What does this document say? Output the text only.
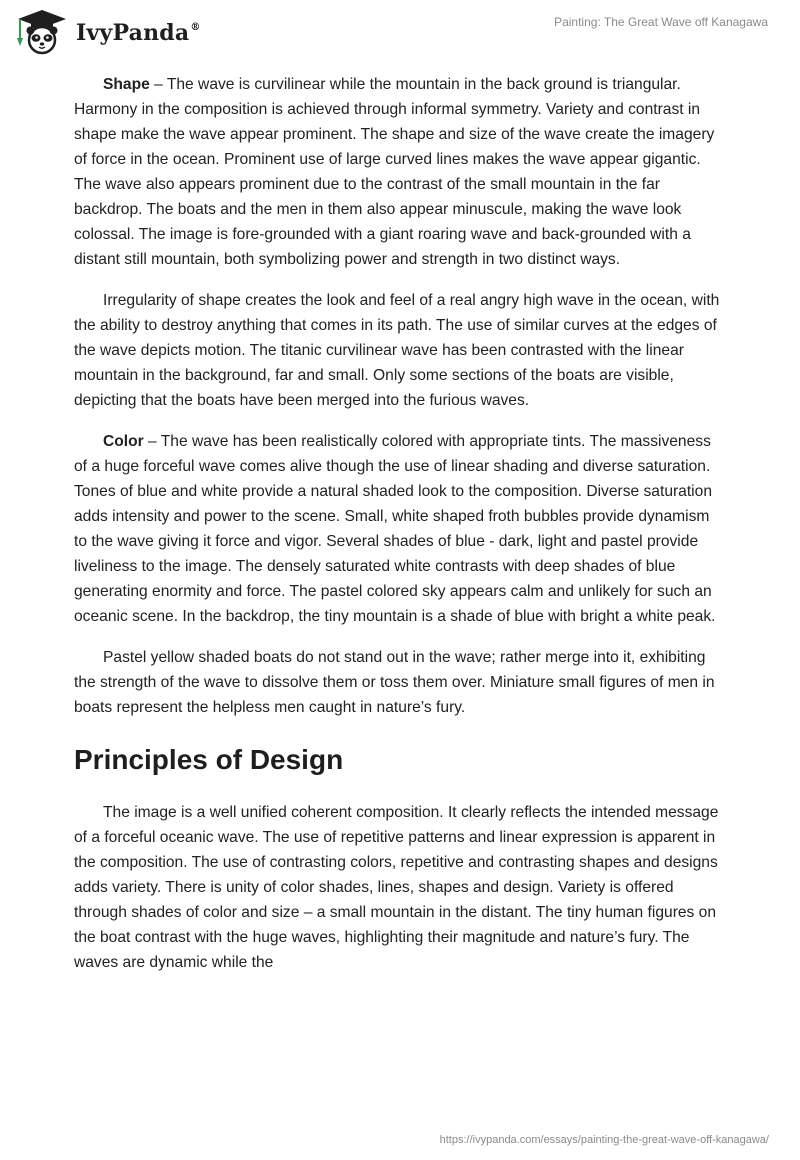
IvyPanda®	Painting: The Great Wave off Kanagawa

Shape – The wave is curvilinear while the mountain in the back ground is triangular. Harmony in the composition is achieved through informal symmetry. Variety and contrast in shape make the wave appear prominent. The shape and size of the wave create the imagery of force in the ocean. Prominent use of large curved lines makes the wave appear gigantic. The wave also appears prominent due to the contrast of the small mountain in the far backdrop. The boats and the men in them also appear minuscule, making the wave look colossal. The image is fore-grounded with a giant roaring wave and back-grounded with a distant still mountain, both symbolizing power and strength in two distinct ways.

Irregularity of shape creates the look and feel of a real angry high wave in the ocean, with the ability to destroy anything that comes in its path. The use of similar curves at the edges of the wave depicts motion. The titanic curvilinear wave has been contrasted with the linear mountain in the background, far and small. Only some sections of the boats are visible, depicting that the boats have been merged into the furious waves.

Color – The wave has been realistically colored with appropriate tints. The massiveness of a huge forceful wave comes alive though the use of linear shading and diverse saturation. Tones of blue and white provide a natural shaded look to the composition. Diverse saturation adds intensity and power to the scene. Small, white shaped froth bubbles provide dynamism to the wave giving it force and vigor. Several shades of blue - dark, light and pastel provide liveliness to the image. The densely saturated white contrasts with deep shades of blue generating enormity and force. The pastel colored sky appears calm and unlikely for such an oceanic scene. In the backdrop, the tiny mountain is a shade of blue with bright a white peak.

Pastel yellow shaded boats do not stand out in the wave; rather merge into it, exhibiting the strength of the wave to dissolve them or toss them over. Miniature small figures of men in boats represent the helpless men caught in nature’s fury.

Principles of Design

The image is a well unified coherent composition. It clearly reflects the intended message of a forceful oceanic wave. The use of repetitive patterns and linear expression is apparent in the composition. The use of contrasting colors, repetitive and contrasting shapes and designs adds variety. There is unity of color shades, lines, shapes and design. Variety is offered through shades of color and size – a small mountain in the distant. The tiny human figures on the boat contrast with the huge waves, highlighting their magnitude and nature’s fury. The waves are dynamic while the

https://ivypanda.com/essays/painting-the-great-wave-off-kanagawa/
